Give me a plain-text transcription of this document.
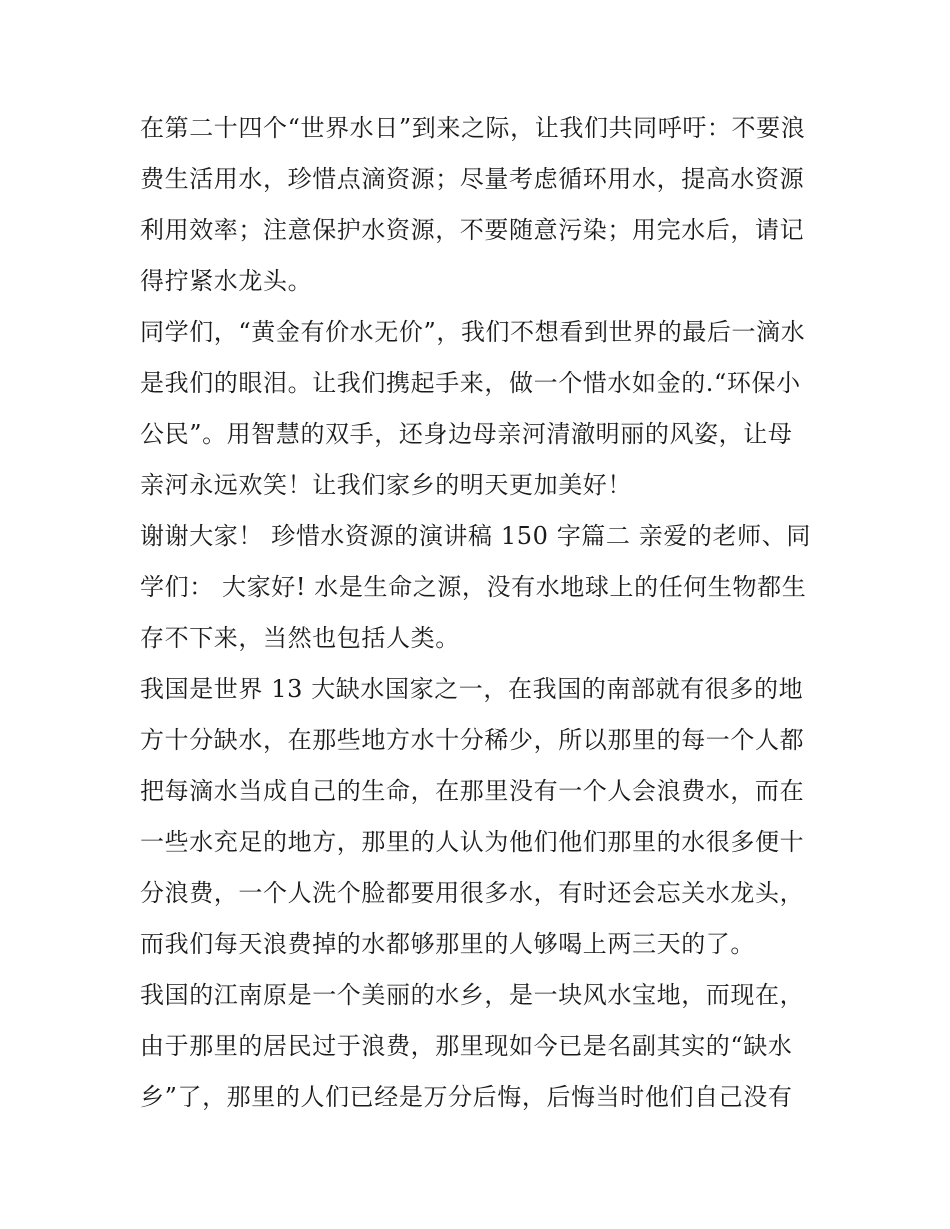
在第二十四个“世界水日”到来之际，让我们共同呼吁：不要浪
费生活用水，珍惜点滴资源；尽量考虑循环用水，提高水资源
利用效率；注意保护水资源，不要随意污染；用完水后，请记
得拧紧水龙头。
同学们，“黄金有价水无价”，我们不想看到世界的最后一滴水
是我们的眼泪。让我们携起手来，做一个惜水如金的.“环保小
公民”。用智慧的双手，还身边母亲河清澈明丽的风姿，让母
亲河永远欢笑！让我们家乡的明天更加美好！
谢谢大家！ 珍惜水资源的演讲稿 150 字篇二 亲爱的老师、同
学们： 大家好! 水是生命之源，没有水地球上的任何生物都生
存不下来，当然也包括人类。
我国是世界 13 大缺水国家之一，在我国的南部就有很多的地
方十分缺水，在那些地方水十分稀少，所以那里的每一个人都
把每滴水当成自己的生命，在那里没有一个人会浪费水，而在
一些水充足的地方，那里的人认为他们他们那里的水很多便十
分浪费，一个人洗个脸都要用很多水，有时还会忘关水龙头，
而我们每天浪费掉的水都够那里的人够喝上两三天的了。
我国的江南原是一个美丽的水乡，是一块风水宝地，而现在，
由于那里的居民过于浪费，那里现如今已是名副其实的“缺水
乡”了，那里的人们已经是万分后悔，后悔当时他们自己没有
